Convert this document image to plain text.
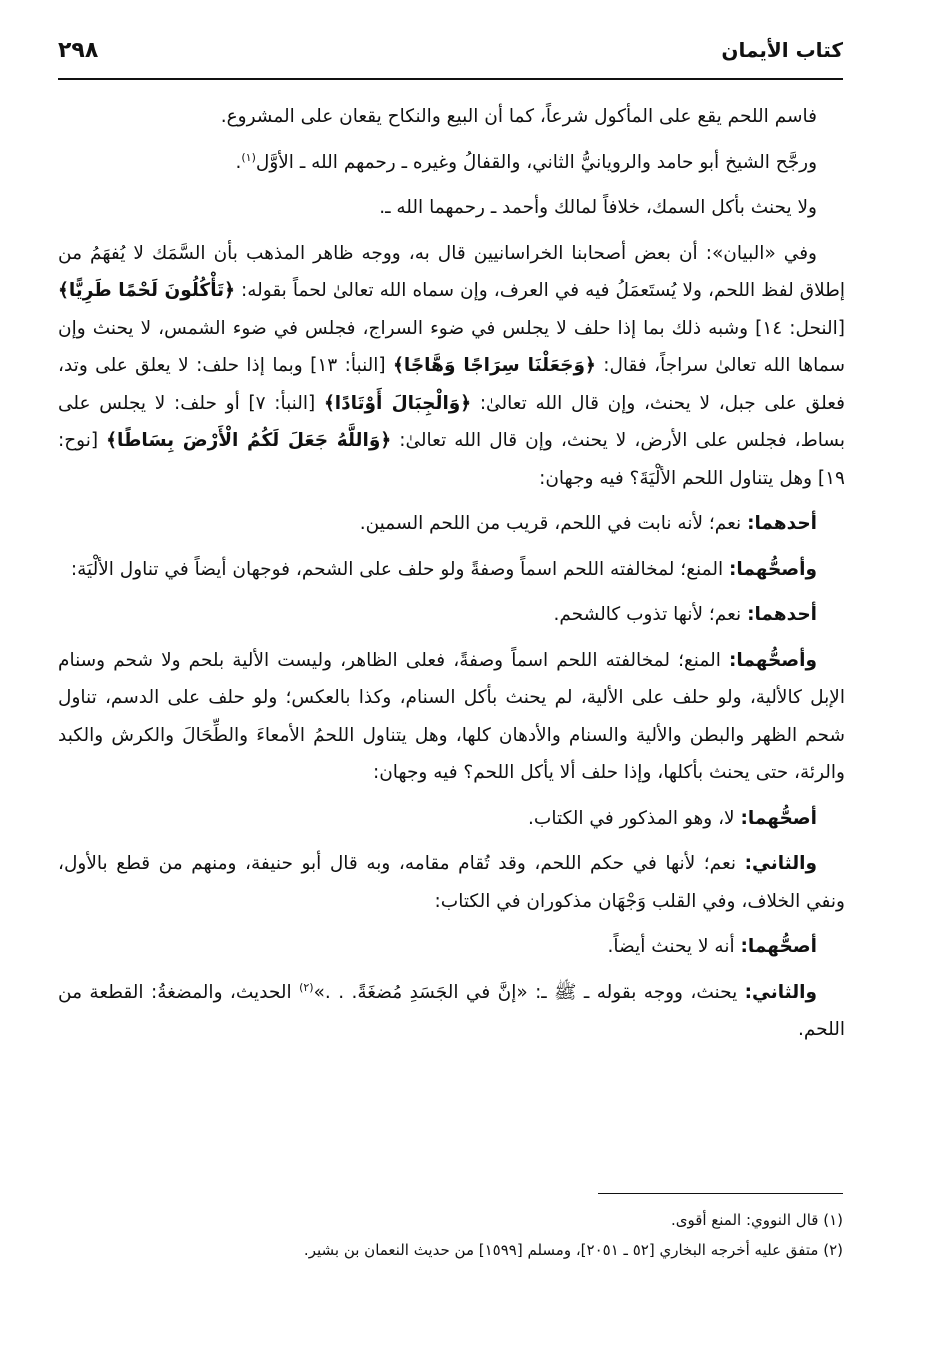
كتاب الأيمان
٢٩٨

فاسم اللحم يقع على المأكول شرعاً، كما أن البيع والنكاح يقعان على المشروع.

ورجَّح الشيخ أبو حامد والرويانيُّ الثاني، والقفالُ وغيره ـ رحمهم الله ـ الأوَّل$^{(١)}$.

ولا يحنث بأكل السمك، خلافاً لمالك وأحمد ـ رحمهما الله ـ.

وفي «البيان»: أن بعض أصحابنا الخراسانيين قال به، ووجه ظاهر المذهب بأن السَّمَك لا يُفهَمُ من إطلاق لفظ اللحم، ولا يُستَعمَلُ فيه في العرف، وإن سماه الله تعالىٰ لحماً بقوله: ﴿تَأْكُلُونَ لَحْمًا طَرِيًّا﴾ [النحل: ١٤] وشبه ذلك بما إذا حلف لا يجلس في ضوء السراج، فجلس في ضوء الشمس، لا يحنث وإن سماها الله تعالىٰ سراجاً، فقال: ﴿وَجَعَلْنَا سِرَاجًا وَهَّاجًا﴾ [النبأ: ١٣] وبما إذا حلف: لا يعلق على وتد، فعلق على جبل، لا يحنث، وإن قال الله تعالىٰ: ﴿وَالْجِبَالَ أَوْتَادًا﴾ [النبأ: ٧] أو حلف: لا يجلس على بساط، فجلس على الأرض، لا يحنث، وإن قال الله تعالىٰ: ﴿وَاللَّهُ جَعَلَ لَكُمُ الْأَرْضَ بِسَاطًا﴾ [نوح: ١٩] وهل يتناول اللحم الألْيَةَ؟ فيه وجهان:

أحدهما: نعم؛ لأنه نابت في اللحم، قريب من اللحم السمين.

وأصحُّهما: المنع؛ لمخالفته اللحم اسماً وصفةً ولو حلف على الشحم، فوجهان أيضاً في تناول الألْيَة:

أحدهما: نعم؛ لأنها تذوب كالشحم.

وأصحُّهما: المنع؛ لمخالفته اللحم اسماً وصفةً، فعلى الظاهر، وليست الألية بلحم ولا شحم وسنام الإبل كالألية، ولو حلف على الألية، لم يحنث بأكل السنام، وكذا بالعكس؛ ولو حلف على الدسم، تناول شحم الظهر والبطن والألية والسنام والأدهان كلها، وهل يتناول اللحمُ الأمعاءَ والطِّحَالَ والكرش والكبد والرئة، حتى يحنث بأكلها، وإذا حلف ألا يأكل اللحم؟ فيه وجهان:

أصحُّهما: لا، وهو المذكور في الكتاب.

والثاني: نعم؛ لأنها في حكم اللحم، وقد تُقام مقامه، وبه قال أبو حنيفة، ومنهم من قطع بالأول، ونفي الخلاف، وفي القلب وَجْهَان مذكوران في الكتاب:

أصحُّهما: أنه لا يحنث أيضاً.

والثاني: يحنث، ووجه بقوله ـ ﷺ ـ: «إنَّ في الجَسَدِ مُضغَةً. . .»$^{(٢)}$ الحديث، والمضغةُ: القطعة من اللحم.

(١) قال النووي: المنع أقوى.
(٢) متفق عليه أخرجه البخاري [٥٢ ـ ٢٠٥١]، ومسلم [١٥٩٩] من حديث النعمان بن بشير.
